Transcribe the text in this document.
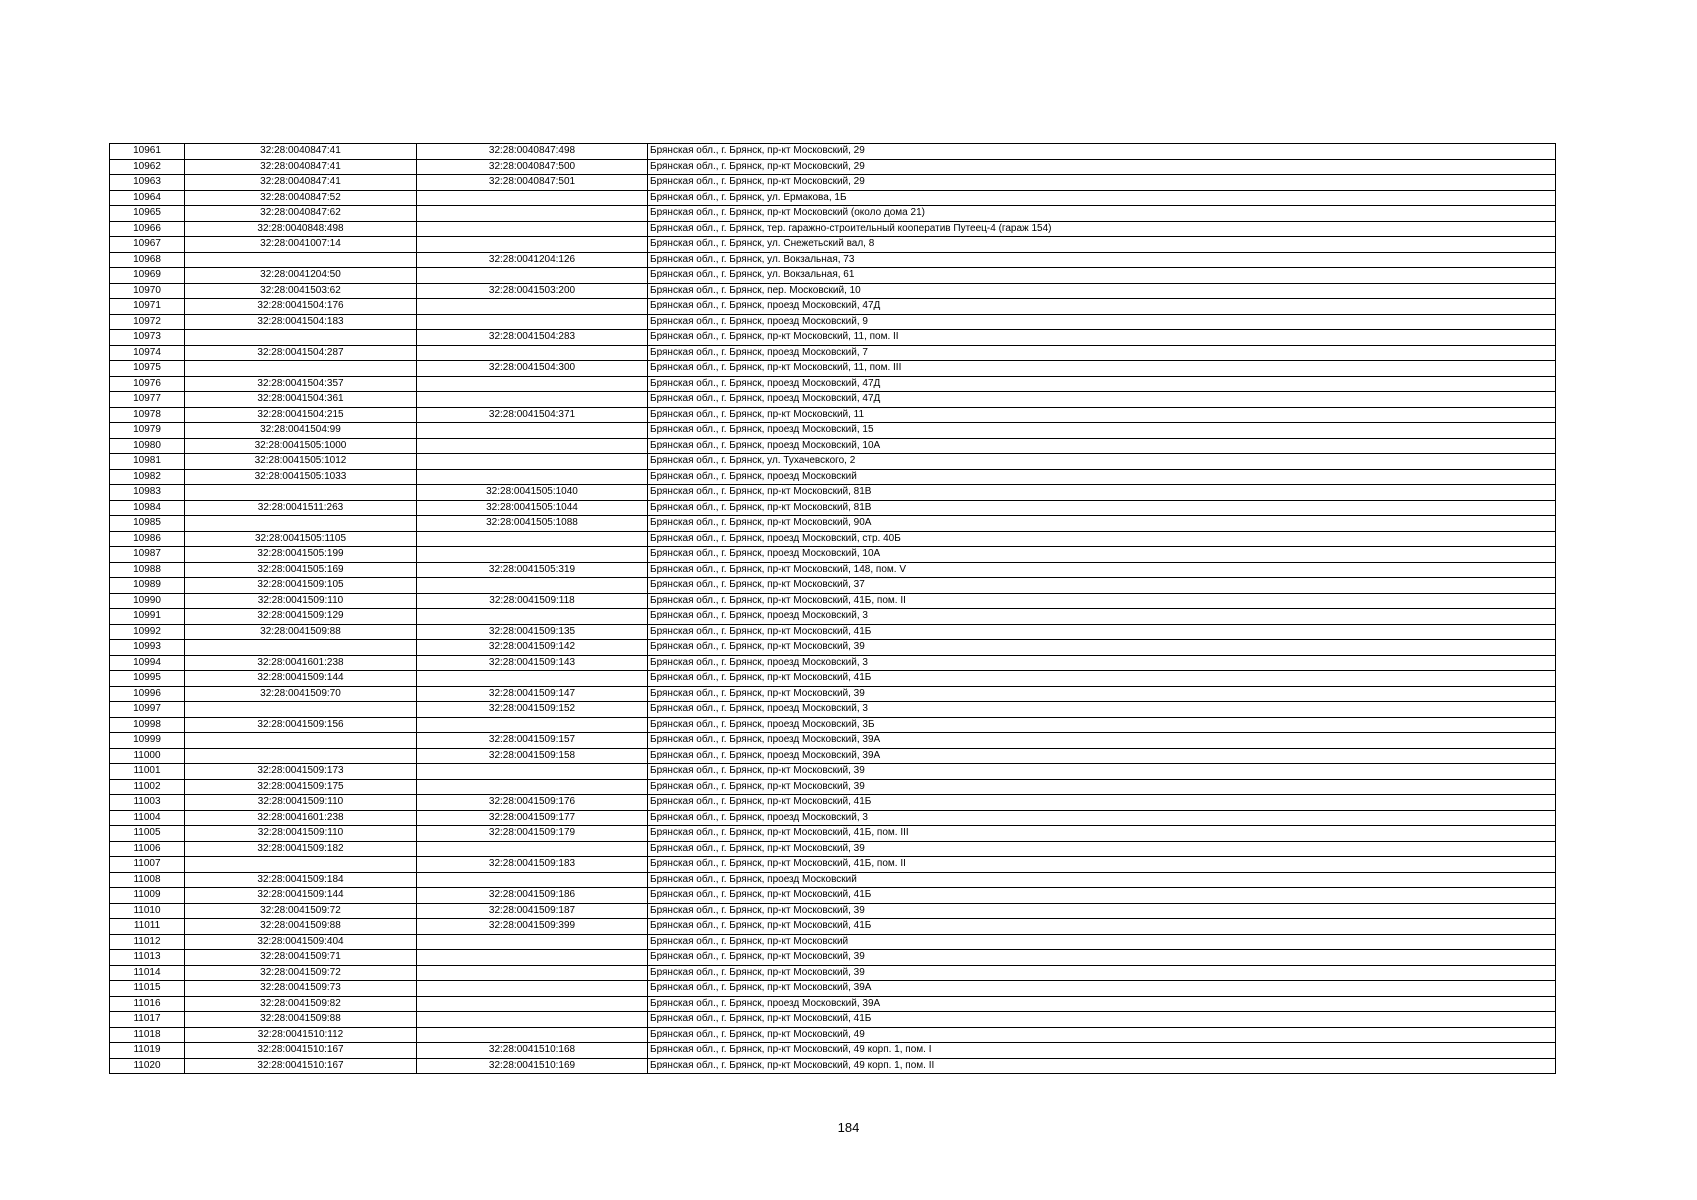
10961	32:28:0040847:41	32:28:0040847:498	Брянская обл., г. Брянск, пр-кт Московский, 29
10962	32:28:0040847:41	32:28:0040847:500	Брянская обл., г. Брянск, пр-кт Московский, 29
10963	32:28:0040847:41	32:28:0040847:501	Брянская обл., г. Брянск, пр-кт Московский, 29
10964	32:28:0040847:52		Брянская обл., г. Брянск, ул. Ермакова, 1Б
10965	32:28:0040847:62		Брянская обл., г. Брянск, пр-кт Московский (около дома 21)
10966	32:28:0040848:498		Брянская обл., г. Брянск, тер. гаражно-строительный кооператив Путеец-4 (гараж 154)
10967	32:28:0041007:14		Брянская обл., г. Брянск, ул. Снежетьский вал, 8
10968		32:28:0041204:126	Брянская обл., г. Брянск, ул. Вокзальная, 73
10969	32:28:0041204:50		Брянская обл., г. Брянск, ул. Вокзальная, 61
10970	32:28:0041503:62	32:28:0041503:200	Брянская обл., г. Брянск, пер. Московский, 10
10971	32:28:0041504:176		Брянская обл., г. Брянск, проезд Московский, 47Д
10972	32:28:0041504:183		Брянская обл., г. Брянск, проезд Московский, 9
10973		32:28:0041504:283	Брянская обл., г. Брянск, пр-кт Московский, 11, пом. II
10974	32:28:0041504:287		Брянская обл., г. Брянск, проезд Московский, 7
10975		32:28:0041504:300	Брянская обл., г. Брянск, пр-кт Московский, 11, пом. III
10976	32:28:0041504:357		Брянская обл., г. Брянск, проезд Московский, 47Д
10977	32:28:0041504:361		Брянская обл., г. Брянск, проезд Московский, 47Д
10978	32:28:0041504:215	32:28:0041504:371	Брянская обл., г. Брянск, пр-кт Московский, 11
10979	32:28:0041504:99		Брянская обл., г. Брянск, проезд Московский, 15
10980	32:28:0041505:1000		Брянская обл., г. Брянск, проезд Московский, 10А
10981	32:28:0041505:1012		Брянская обл., г. Брянск, ул. Тухачевского, 2
10982	32:28:0041505:1033		Брянская обл., г. Брянск, проезд Московский
10983		32:28:0041505:1040	Брянская обл., г. Брянск, пр-кт Московский, 81В
10984	32:28:0041511:263	32:28:0041505:1044	Брянская обл., г. Брянск, пр-кт Московский, 81В
10985		32:28:0041505:1088	Брянская обл., г. Брянск, пр-кт Московский, 90А
10986	32:28:0041505:1105		Брянская обл., г. Брянск, проезд Московский, стр. 40Б
10987	32:28:0041505:199		Брянская обл., г. Брянск, проезд Московский, 10А
10988	32:28:0041505:169	32:28:0041505:319	Брянская обл., г. Брянск, пр-кт Московский, 148, пом. V
10989	32:28:0041509:105		Брянская обл., г. Брянск, пр-кт Московский, 37
10990	32:28:0041509:110	32:28:0041509:118	Брянская обл., г. Брянск, пр-кт Московский, 41Б, пом. II
10991	32:28:0041509:129		Брянская обл., г. Брянск, проезд Московский, 3
10992	32:28:0041509:88	32:28:0041509:135	Брянская обл., г. Брянск, пр-кт Московский, 41Б
10993		32:28:0041509:142	Брянская обл., г. Брянск, пр-кт Московский, 39
10994	32:28:0041601:238	32:28:0041509:143	Брянская обл., г. Брянск, проезд Московский, 3
10995	32:28:0041509:144		Брянская обл., г. Брянск, пр-кт Московский, 41Б
10996	32:28:0041509:70	32:28:0041509:147	Брянская обл., г. Брянск, пр-кт Московский, 39
10997		32:28:0041509:152	Брянская обл., г. Брянск, проезд Московский, 3
10998	32:28:0041509:156		Брянская обл., г. Брянск, проезд Московский, 3Б
10999		32:28:0041509:157	Брянская обл., г. Брянск, проезд Московский, 39А
11000		32:28:0041509:158	Брянская обл., г. Брянск, проезд Московский, 39А
11001	32:28:0041509:173		Брянская обл., г. Брянск, пр-кт Московский, 39
11002	32:28:0041509:175		Брянская обл., г. Брянск, пр-кт Московский, 39
11003	32:28:0041509:110	32:28:0041509:176	Брянская обл., г. Брянск, пр-кт Московский, 41Б
11004	32:28:0041601:238	32:28:0041509:177	Брянская обл., г. Брянск, проезд Московский, 3
11005	32:28:0041509:110	32:28:0041509:179	Брянская обл., г. Брянск, пр-кт Московский, 41Б, пом. III
11006	32:28:0041509:182		Брянская обл., г. Брянск, пр-кт Московский, 39
11007		32:28:0041509:183	Брянская обл., г. Брянск, пр-кт Московский, 41Б, пом. II
11008	32:28:0041509:184		Брянская обл., г. Брянск, проезд Московский
11009	32:28:0041509:144	32:28:0041509:186	Брянская обл., г. Брянск, пр-кт Московский, 41Б
11010	32:28:0041509:72	32:28:0041509:187	Брянская обл., г. Брянск, пр-кт Московский, 39
11011	32:28:0041509:88	32:28:0041509:399	Брянская обл., г. Брянск, пр-кт Московский, 41Б
11012	32:28:0041509:404		Брянская обл., г. Брянск, пр-кт Московский
11013	32:28:0041509:71		Брянская обл., г. Брянск, пр-кт Московский, 39
11014	32:28:0041509:72		Брянская обл., г. Брянск, пр-кт Московский, 39
11015	32:28:0041509:73		Брянская обл., г. Брянск, пр-кт Московский, 39А
11016	32:28:0041509:82		Брянская обл., г. Брянск, проезд Московский, 39А
11017	32:28:0041509:88		Брянская обл., г. Брянск, пр-кт Московский, 41Б
11018	32:28:0041510:112		Брянская обл., г. Брянск, пр-кт Московский, 49
11019	32:28:0041510:167	32:28:0041510:168	Брянская обл., г. Брянск, пр-кт Московский, 49 корп. 1, пом. I
11020	32:28:0041510:167	32:28:0041510:169	Брянская обл., г. Брянск, пр-кт Московский, 49 корп. 1, пом. II
184
